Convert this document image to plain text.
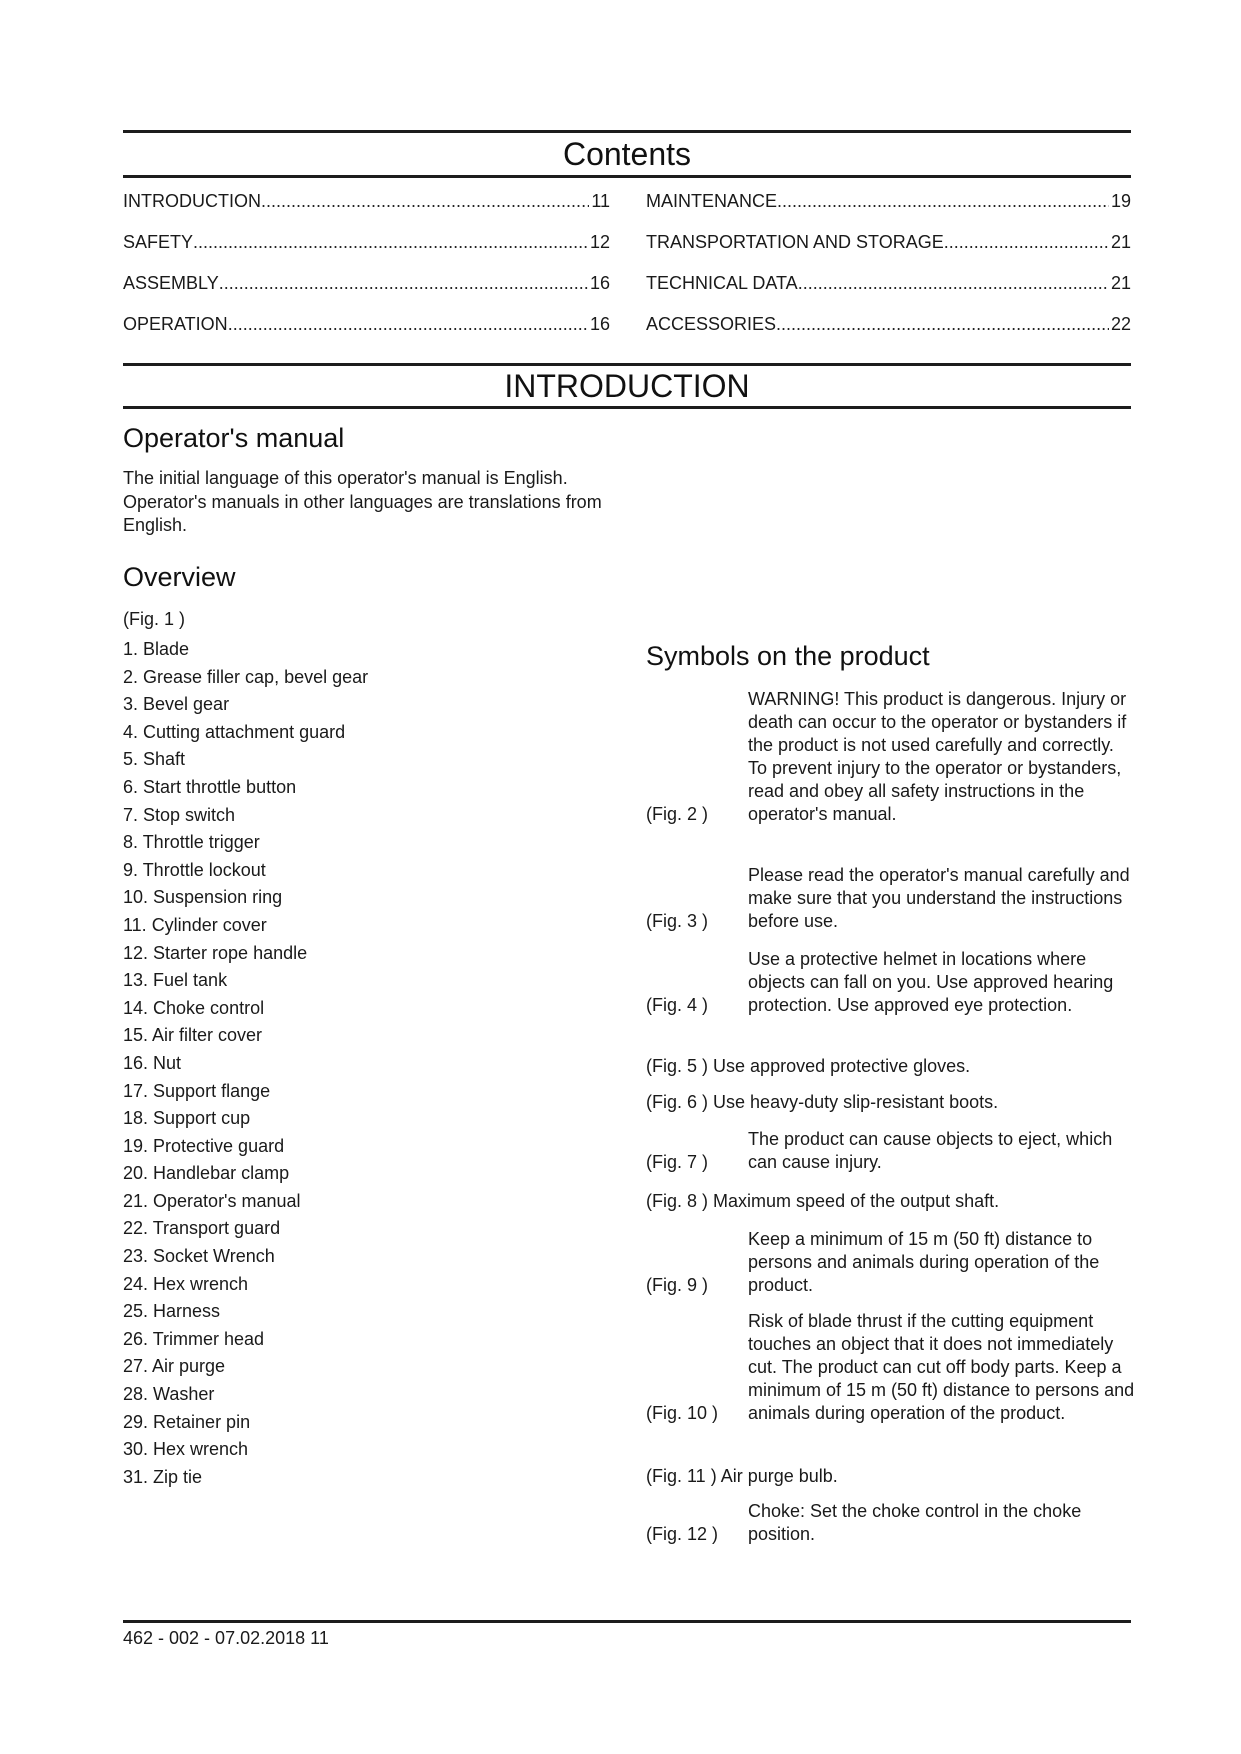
Contents
INTRODUCTION .....	11
SAFETY .....	12
ASSEMBLY .....	16
OPERATION .....	16
MAINTENANCE .....	19
TRANSPORTATION AND STORAGE .....	21
TECHNICAL DATA .....	21
ACCESSORIES .....	22
INTRODUCTION
Operator's manual
The initial language of this operator's manual is English. Operator's manuals in other languages are translations from English.
Overview
(Fig. 1 )
1. Blade
2. Grease filler cap, bevel gear
3. Bevel gear
4. Cutting attachment guard
5. Shaft
6. Start throttle button
7. Stop switch
8. Throttle trigger
9. Throttle lockout
10. Suspension ring
11. Cylinder cover
12. Starter rope handle
13. Fuel tank
14. Choke control
15. Air filter cover
16. Nut
17. Support flange
18. Support cup
19. Protective guard
20. Handlebar clamp
21. Operator's manual
22. Transport guard
23. Socket Wrench
24. Hex wrench
25. Harness
26. Trimmer head
27. Air purge
28. Washer
29. Retainer pin
30. Hex wrench
31. Zip tie
Symbols on the product
(Fig. 2 )
WARNING! This product is dangerous. Injury or death can occur to the operator or bystanders if the product is not used carefully and correctly. To prevent injury to the operator or bystanders, read and obey all safety instructions in the operator's manual.
(Fig. 3 )
Please read the operator's manual carefully and make sure that you understand the instructions before use.
(Fig. 4 )
Use a protective helmet in locations where objects can fall on you. Use approved hearing protection. Use approved eye protection.
(Fig. 5 ) Use approved protective gloves.
(Fig. 6 ) Use heavy-duty slip-resistant boots.
(Fig. 7 )
The product can cause objects to eject, which can cause injury.
(Fig. 8 ) Maximum speed of the output shaft.
(Fig. 9 )
Keep a minimum of 15 m (50 ft) distance to persons and animals during operation of the product.
(Fig. 10 )
Risk of blade thrust if the cutting equipment touches an object that it does not immediately cut. The product can cut off body parts. Keep a minimum of 15 m (50 ft) distance to persons and animals during operation of the product.
(Fig. 11 ) Air purge bulb.
(Fig. 12 )
Choke: Set the choke control in the choke position.
462 - 002 - 07.02.2018 11
